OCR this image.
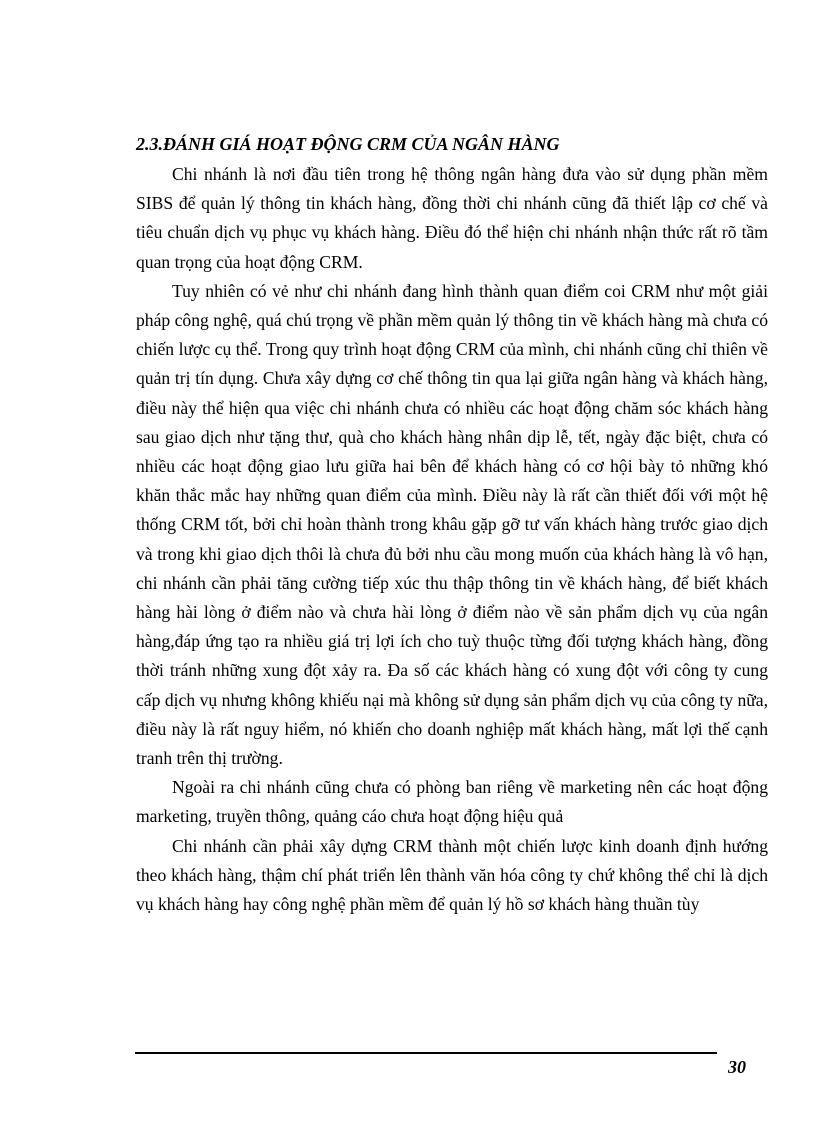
2.3.ĐÁNH GIÁ HOẠT ĐỘNG CRM CỦA NGÂN HÀNG

Chi nhánh là nơi đầu tiên trong hệ thông ngân hàng đưa vào sử dụng phần mềm SIBS để quản lý thông tin khách hàng, đồng thời chi nhánh cũng đã thiết lập cơ chế và tiêu chuẩn dịch vụ phục vụ khách hàng. Điều đó thể hiện chi nhánh nhận thức rất rõ tầm quan trọng của hoạt động CRM.

Tuy nhiên có vẻ như chi nhánh đang hình thành quan điểm coi CRM như một giải pháp công nghệ, quá chú trọng về phần mềm quản lý thông tin về khách hàng mà chưa có chiến lược cụ thể. Trong quy trình hoạt động CRM của mình, chi nhánh cũng chỉ thiên về quản trị tín dụng. Chưa xây dựng cơ chế thông tin qua lại giữa ngân hàng và khách hàng, điều này thể hiện qua việc chi nhánh chưa có nhiều các hoạt động chăm sóc khách hàng sau giao dịch như tặng thư, quà cho khách hàng nhân dịp lễ, tết, ngày đặc biệt, chưa có nhiều các hoạt động giao lưu giữa hai bên để khách hàng có cơ hội bày tỏ những khó khăn thắc mắc hay những quan điểm của mình. Điều này là rất cần thiết đối với một hệ thống CRM tốt, bởi chỉ hoàn thành trong khâu gặp gỡ tư vấn khách hàng trước giao dịch và trong khi giao dịch thôi là chưa đủ bởi nhu cầu mong muốn của khách hàng là vô hạn, chi nhánh cần phải tăng cường tiếp xúc thu thập thông tin về khách hàng, để biết khách hàng hài lòng ở điểm nào và chưa hài lòng ở điểm nào về sản phẩm dịch vụ của ngân hàng,đáp ứng tạo ra nhiều giá trị lợi ích cho tuỳ thuộc từng đối tượng khách hàng, đồng thời tránh những xung đột xảy ra. Đa số các khách hàng có xung đột với công ty cung cấp dịch vụ nhưng không khiếu nại mà không sử dụng sản phẩm dịch vụ của công ty nữa, điều này là rất nguy hiểm, nó khiến cho doanh nghiệp mất khách hàng, mất lợi thế cạnh tranh trên thị trường.

Ngoài ra chi nhánh cũng chưa có phòng ban riêng về marketing nên các hoạt động marketing, truyền thông, quảng cáo chưa hoạt động hiệu quả

Chi nhánh cần phải xây dựng CRM thành một chiến lược kinh doanh định hướng theo khách hàng, thậm chí phát triển lên thành văn hóa công ty chứ không thể chỉ là dịch vụ khách hàng hay công nghệ phần mềm để quản lý hồ sơ khách hàng thuần tùy

30
